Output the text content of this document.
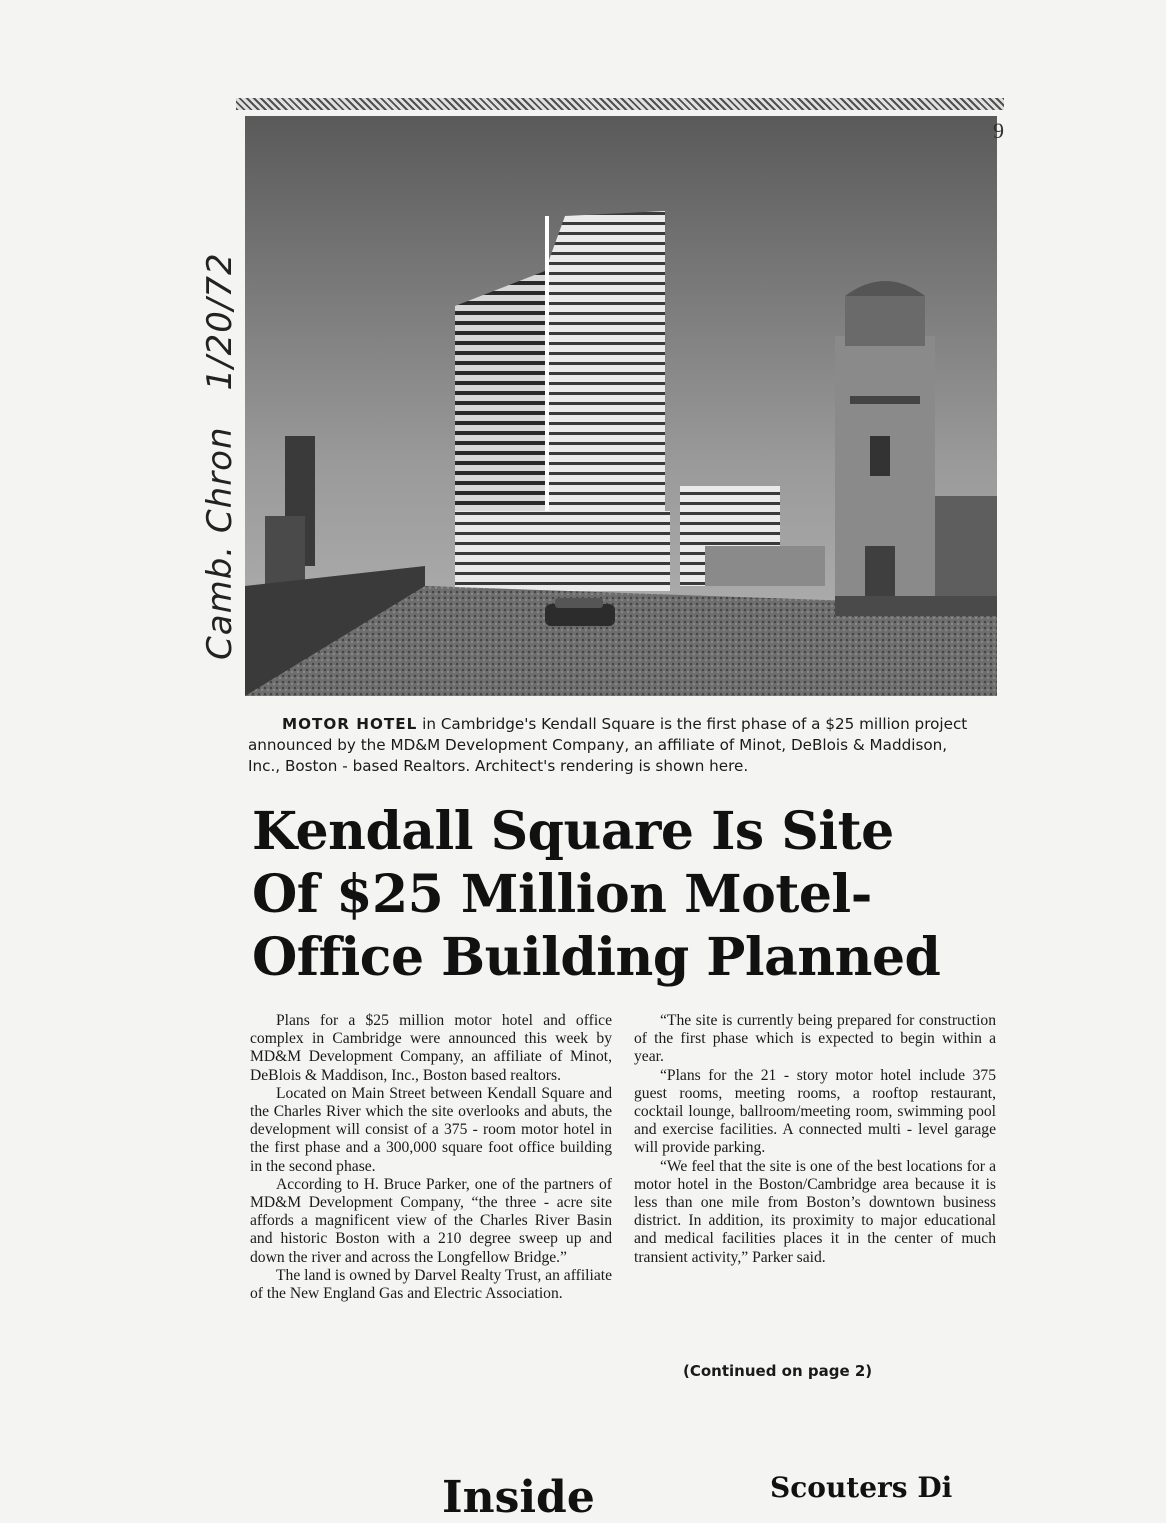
9
Camb. Chron1/20/72
MOTOR HOTEL in Cambridge's Kendall Square is the first phase of a $25 million project
announced by the MD&M Development Company, an affiliate of Minot, DeBlois & Maddison,
Inc., Boston - based Realtors. Architect's rendering is shown here.
Kendall Square Is Site
Of $25 Million Motel-
Office Building Planned

Plans for a $25 million motor hotel and office complex in Cambridge were announced this week by MD&M Development Company, an affiliate of Minot, DeBlois & Maddison, Inc., Boston based realtors.

Located on Main Street between Kendall Square and the Charles River which the site overlooks and abuts, the development will consist of a 375 - room motor hotel in the first phase and a 300,000 square foot office building in the second phase.

According to H. Bruce Parker, one of the partners of MD&M Development Company, “the three - acre site affords a magnificent view of the Charles River Basin and historic Boston with a 210 degree sweep up and down the river and across the Longfellow Bridge.”

The land is owned by Darvel Realty Trust, an affiliate of the New England Gas and Electric Association.

“The site is currently being prepared for construction of the first phase which is expected to begin within a year.

“Plans for the 21 - story motor hotel include 375 guest rooms, meeting rooms, a rooftop restaurant, cocktail lounge, ballroom/meeting room, swimming pool and exercise facilities. A connected multi - level garage will provide parking.

“We feel that the site is one of the best locations for a motor hotel in the Boston/Cambridge area because it is less than one mile from Boston’s downtown business district. In addition, its proximity to major educational and medical facilities places it in the center of much transient activity,” Parker said.

(Continued on page 2)
Inside	Scouters Di
